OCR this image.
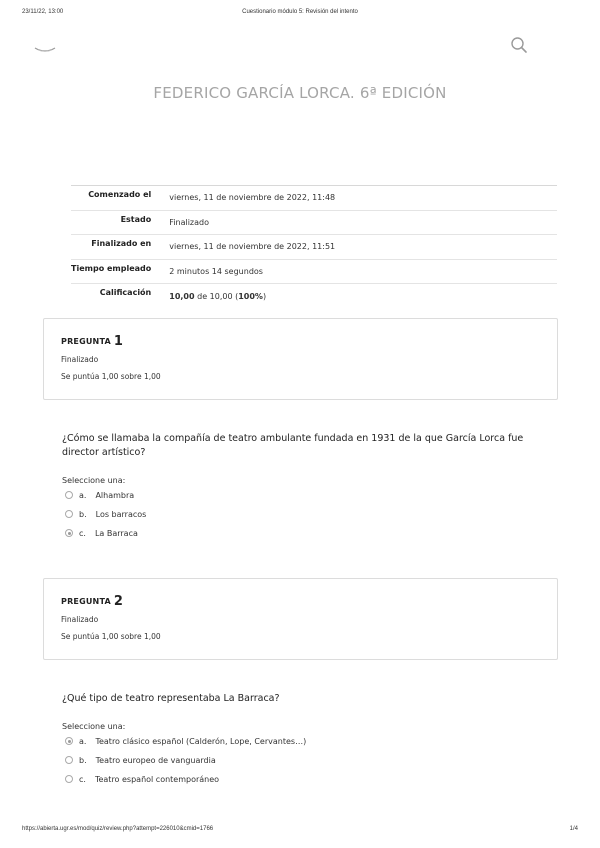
23/11/22, 13:00	Cuestionario módulo 5: Revisión del intento
FEDERICO GARCÍA LORCA. 6ª EDICIÓN
Comenzado el	viernes, 11 de noviembre de 2022, 11:48
Estado	Finalizado
Finalizado en	viernes, 11 de noviembre de 2022, 11:51
Tiempo empleado	2 minutos 14 segundos
Calificación	10,00 de 10,00 (100%)
PREGUNTA 1
Finalizado
Se puntúa 1,00 sobre 1,00
¿Cómo se llamaba la compañía de teatro ambulante fundada en 1931 de la que García Lorca fue director artístico?
Seleccione una:
a. Alhambra
b. Los barracos
c. La Barraca
PREGUNTA 2
Finalizado
Se puntúa 1,00 sobre 1,00
¿Qué tipo de teatro representaba La Barraca?
Seleccione una:
a. Teatro clásico español (Calderón, Lope, Cervantes…)
b. Teatro europeo de vanguardia
c. Teatro español contemporáneo
https://abierta.ugr.es/mod/quiz/review.php?attempt=226010&cmid=1766	1/4
